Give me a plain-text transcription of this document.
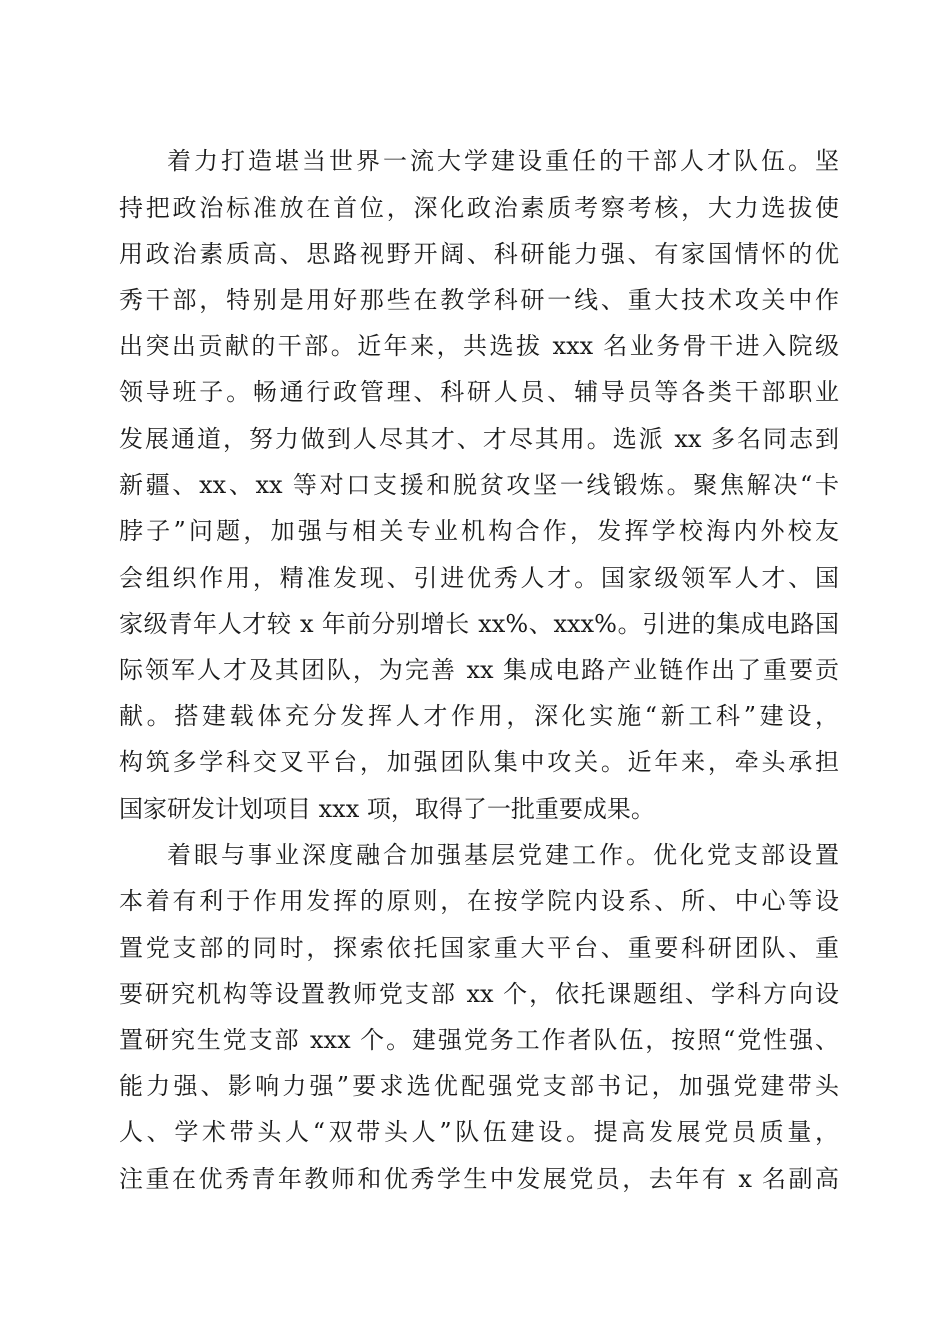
着力打造堪当世界一流大学建设重任的干部人才队伍。坚

持把政治标准放在首位，深化政治素质考察考核，大力选拔使

用政治素质高、思路视野开阔、科研能力强、有家国情怀的优

秀干部，特别是用好那些在教学科研一线、重大技术攻关中作

出突出贡献的干部。近年来，共选拔 xxx 名业务骨干进入院级

领导班子。畅通行政管理、科研人员、辅导员等各类干部职业

发展通道，努力做到人尽其才、才尽其用。选派 xx 多名同志到

新疆、xx、xx 等对口支援和脱贫攻坚一线锻炼。聚焦解决“卡

脖子”问题，加强与相关专业机构合作，发挥学校海内外校友

会组织作用，精准发现、引进优秀人才。国家级领军人才、国

家级青年人才较 x 年前分别增长 xx%、xxx%。引进的集成电路国

际领军人才及其团队，为完善 xx 集成电路产业链作出了重要贡

献。搭建载体充分发挥人才作用，深化实施“新工科”建设，

构筑多学科交叉平台，加强团队集中攻关。近年来，牵头承担

国家研发计划项目 xxx 项，取得了一批重要成果。

着眼与事业深度融合加强基层党建工作。优化党支部设置

本着有利于作用发挥的原则，在按学院内设系、所、中心等设

置党支部的同时，探索依托国家重大平台、重要科研团队、重

要研究机构等设置教师党支部 xx 个，依托课题组、学科方向设

置研究生党支部 xxx 个。建强党务工作者队伍，按照“党性强、

能力强、影响力强”要求选优配强党支部书记，加强党建带头

人、学术带头人“双带头人”队伍建设。提高发展党员质量，

注重在优秀青年教师和优秀学生中发展党员，去年有 x 名副高
